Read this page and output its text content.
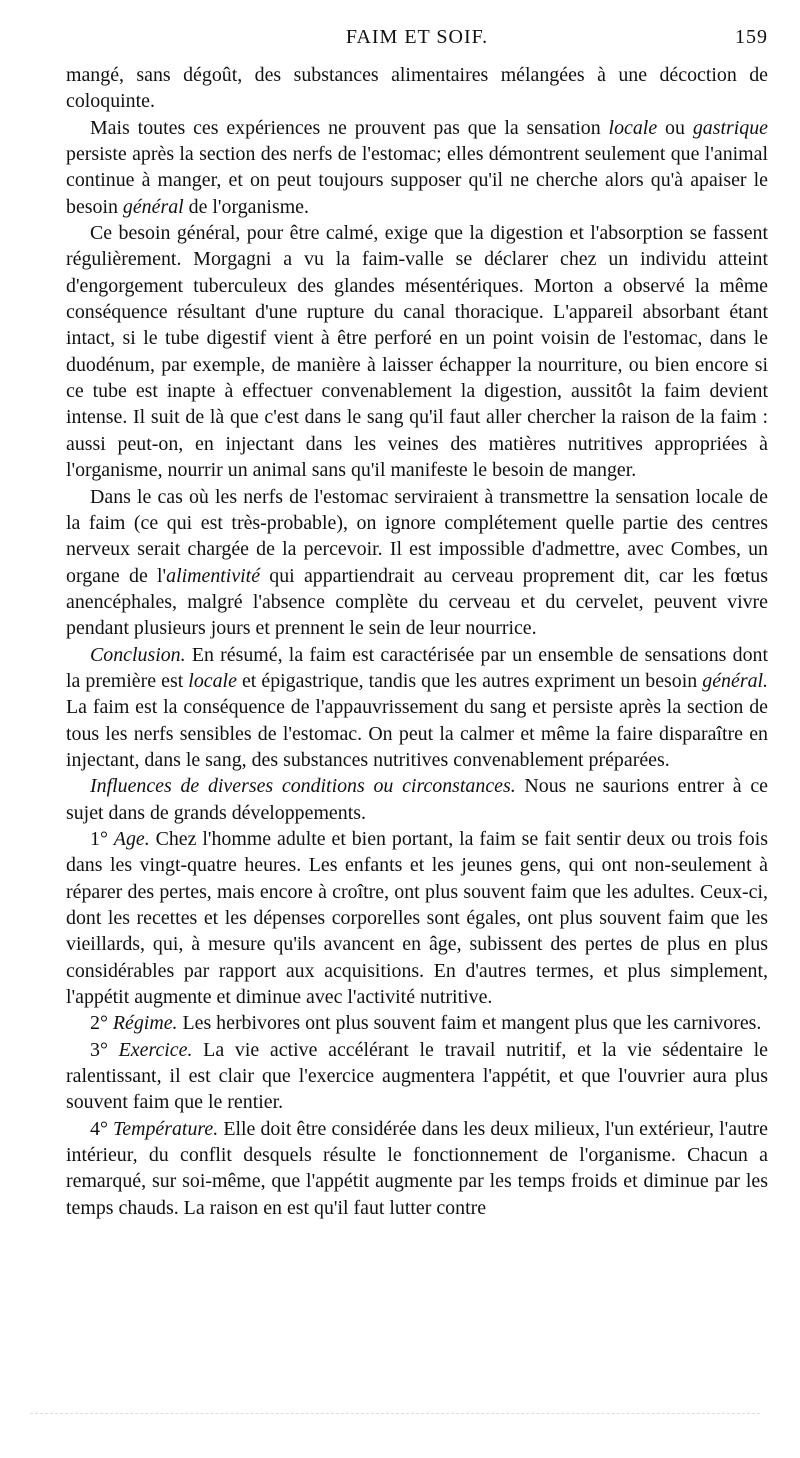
FAIM ET SOIF.	159

mangé, sans dégoût, des substances alimentaires mélangées à une décoction de coloquinte.

Mais toutes ces expériences ne prouvent pas que la sensation locale ou gastrique persiste après la section des nerfs de l'estomac; elles démontrent seulement que l'animal continue à manger, et on peut toujours supposer qu'il ne cherche alors qu'à apaiser le besoin général de l'organisme.

Ce besoin général, pour être calmé, exige que la digestion et l'absorption se fassent régulièrement. Morgagni a vu la faim-valle se déclarer chez un individu atteint d'engorgement tuberculeux des glandes mésentériques. Morton a observé la même conséquence résultant d'une rupture du canal thoracique. L'appareil absorbant étant intact, si le tube digestif vient à être perforé en un point voisin de l'estomac, dans le duodénum, par exemple, de manière à laisser échapper la nourriture, ou bien encore si ce tube est inapte à effectuer convenablement la digestion, aussitôt la faim devient intense. Il suit de là que c'est dans le sang qu'il faut aller chercher la raison de la faim : aussi peut-on, en injectant dans les veines des matières nutritives appropriées à l'organisme, nourrir un animal sans qu'il manifeste le besoin de manger.

Dans le cas où les nerfs de l'estomac serviraient à transmettre la sensation locale de la faim (ce qui est très-probable), on ignore complétement quelle partie des centres nerveux serait chargée de la percevoir. Il est impossible d'admettre, avec Combes, un organe de l'alimentivité qui appartiendrait au cerveau proprement dit, car les fœtus anencéphales, malgré l'absence complète du cerveau et du cervelet, peuvent vivre pendant plusieurs jours et prennent le sein de leur nourrice.

Conclusion. En résumé, la faim est caractérisée par un ensemble de sensations dont la première est locale et épigastrique, tandis que les autres expriment un besoin général. La faim est la conséquence de l'appauvrissement du sang et persiste après la section de tous les nerfs sensibles de l'estomac. On peut la calmer et même la faire disparaître en injectant, dans le sang, des substances nutritives convenablement préparées.

Influences de diverses conditions ou circonstances. Nous ne saurions entrer à ce sujet dans de grands développements.

1° Age. Chez l'homme adulte et bien portant, la faim se fait sentir deux ou trois fois dans les vingt-quatre heures. Les enfants et les jeunes gens, qui ont non-seulement à réparer des pertes, mais encore à croître, ont plus souvent faim que les adultes. Ceux-ci, dont les recettes et les dépenses corporelles sont égales, ont plus souvent faim que les vieillards, qui, à mesure qu'ils avancent en âge, subissent des pertes de plus en plus considérables par rapport aux acquisitions. En d'autres termes, et plus simplement, l'appétit augmente et diminue avec l'activité nutritive.

2° Régime. Les herbivores ont plus souvent faim et mangent plus que les carnivores.

3° Exercice. La vie active accélérant le travail nutritif, et la vie sédentaire le ralentissant, il est clair que l'exercice augmentera l'appétit, et que l'ouvrier aura plus souvent faim que le rentier.

4° Température. Elle doit être considérée dans les deux milieux, l'un extérieur, l'autre intérieur, du conflit desquels résulte le fonctionnement de l'organisme. Chacun a remarqué, sur soi-même, que l'appétit augmente par les temps froids et diminue par les temps chauds. La raison en est qu'il faut lutter contre
